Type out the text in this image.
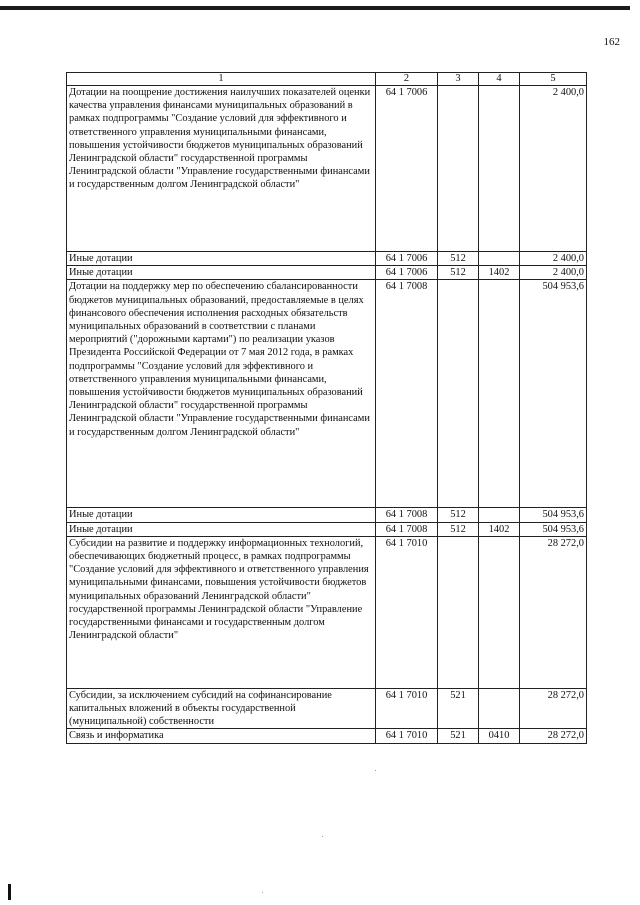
162
1	2	3	4	5
Дотации на поощрение достижения наилучших показателей оценки качества управления финансами муниципальных образований в рамках подпрограммы "Создание условий для эффективного и ответственного управления муниципальными финансами, повышения устойчивости бюджетов муниципальных образований Ленинградской области" государственной программы Ленинградской области "Управление государственными финансами и государственным долгом Ленинградской области"	64 1 7006			2 400,0
Иные дотации	64 1 7006	512		2 400,0
Иные дотации	64 1 7006	512	1402	2 400,0
Дотации на поддержку мер по обеспечению сбалансированности бюджетов муниципальных образований, предоставляемые в целях финансового обеспечения исполнения расходных обязательств муниципальных образований в соответствии с планами мероприятий ("дорожными картами") по реализации указов Президента Российской Федерации от 7 мая 2012 года, в рамках подпрограммы "Создание условий для эффективного и ответственного управления муниципальными финансами, повышения устойчивости бюджетов муниципальных образований Ленинградской области" государственной программы Ленинградской области "Управление государственными финансами и государственным долгом Ленинградской области"	64 1 7008			504 953,6
Иные дотации	64 1 7008	512		504 953,6
Иные дотации	64 1 7008	512	1402	504 953,6
Субсидии на развитие и поддержку информационных технологий, обеспечивающих бюджетный процесс, в рамках подпрограммы "Создание условий для эффективного и ответственного управления муниципальными финансами, повышения устойчивости бюджетов муниципальных образований Ленинградской области" государственной программы Ленинградской области "Управление государственными финансами и государственным долгом Ленинградской области"	64 1 7010			28 272,0
Субсидии, за исключением субсидий на софинансирование капитальных вложений в объекты государственной (муниципальной) собственности	64 1 7010	521		28 272,0
Связь и информатика	64 1 7010	521	0410	28 272,0
